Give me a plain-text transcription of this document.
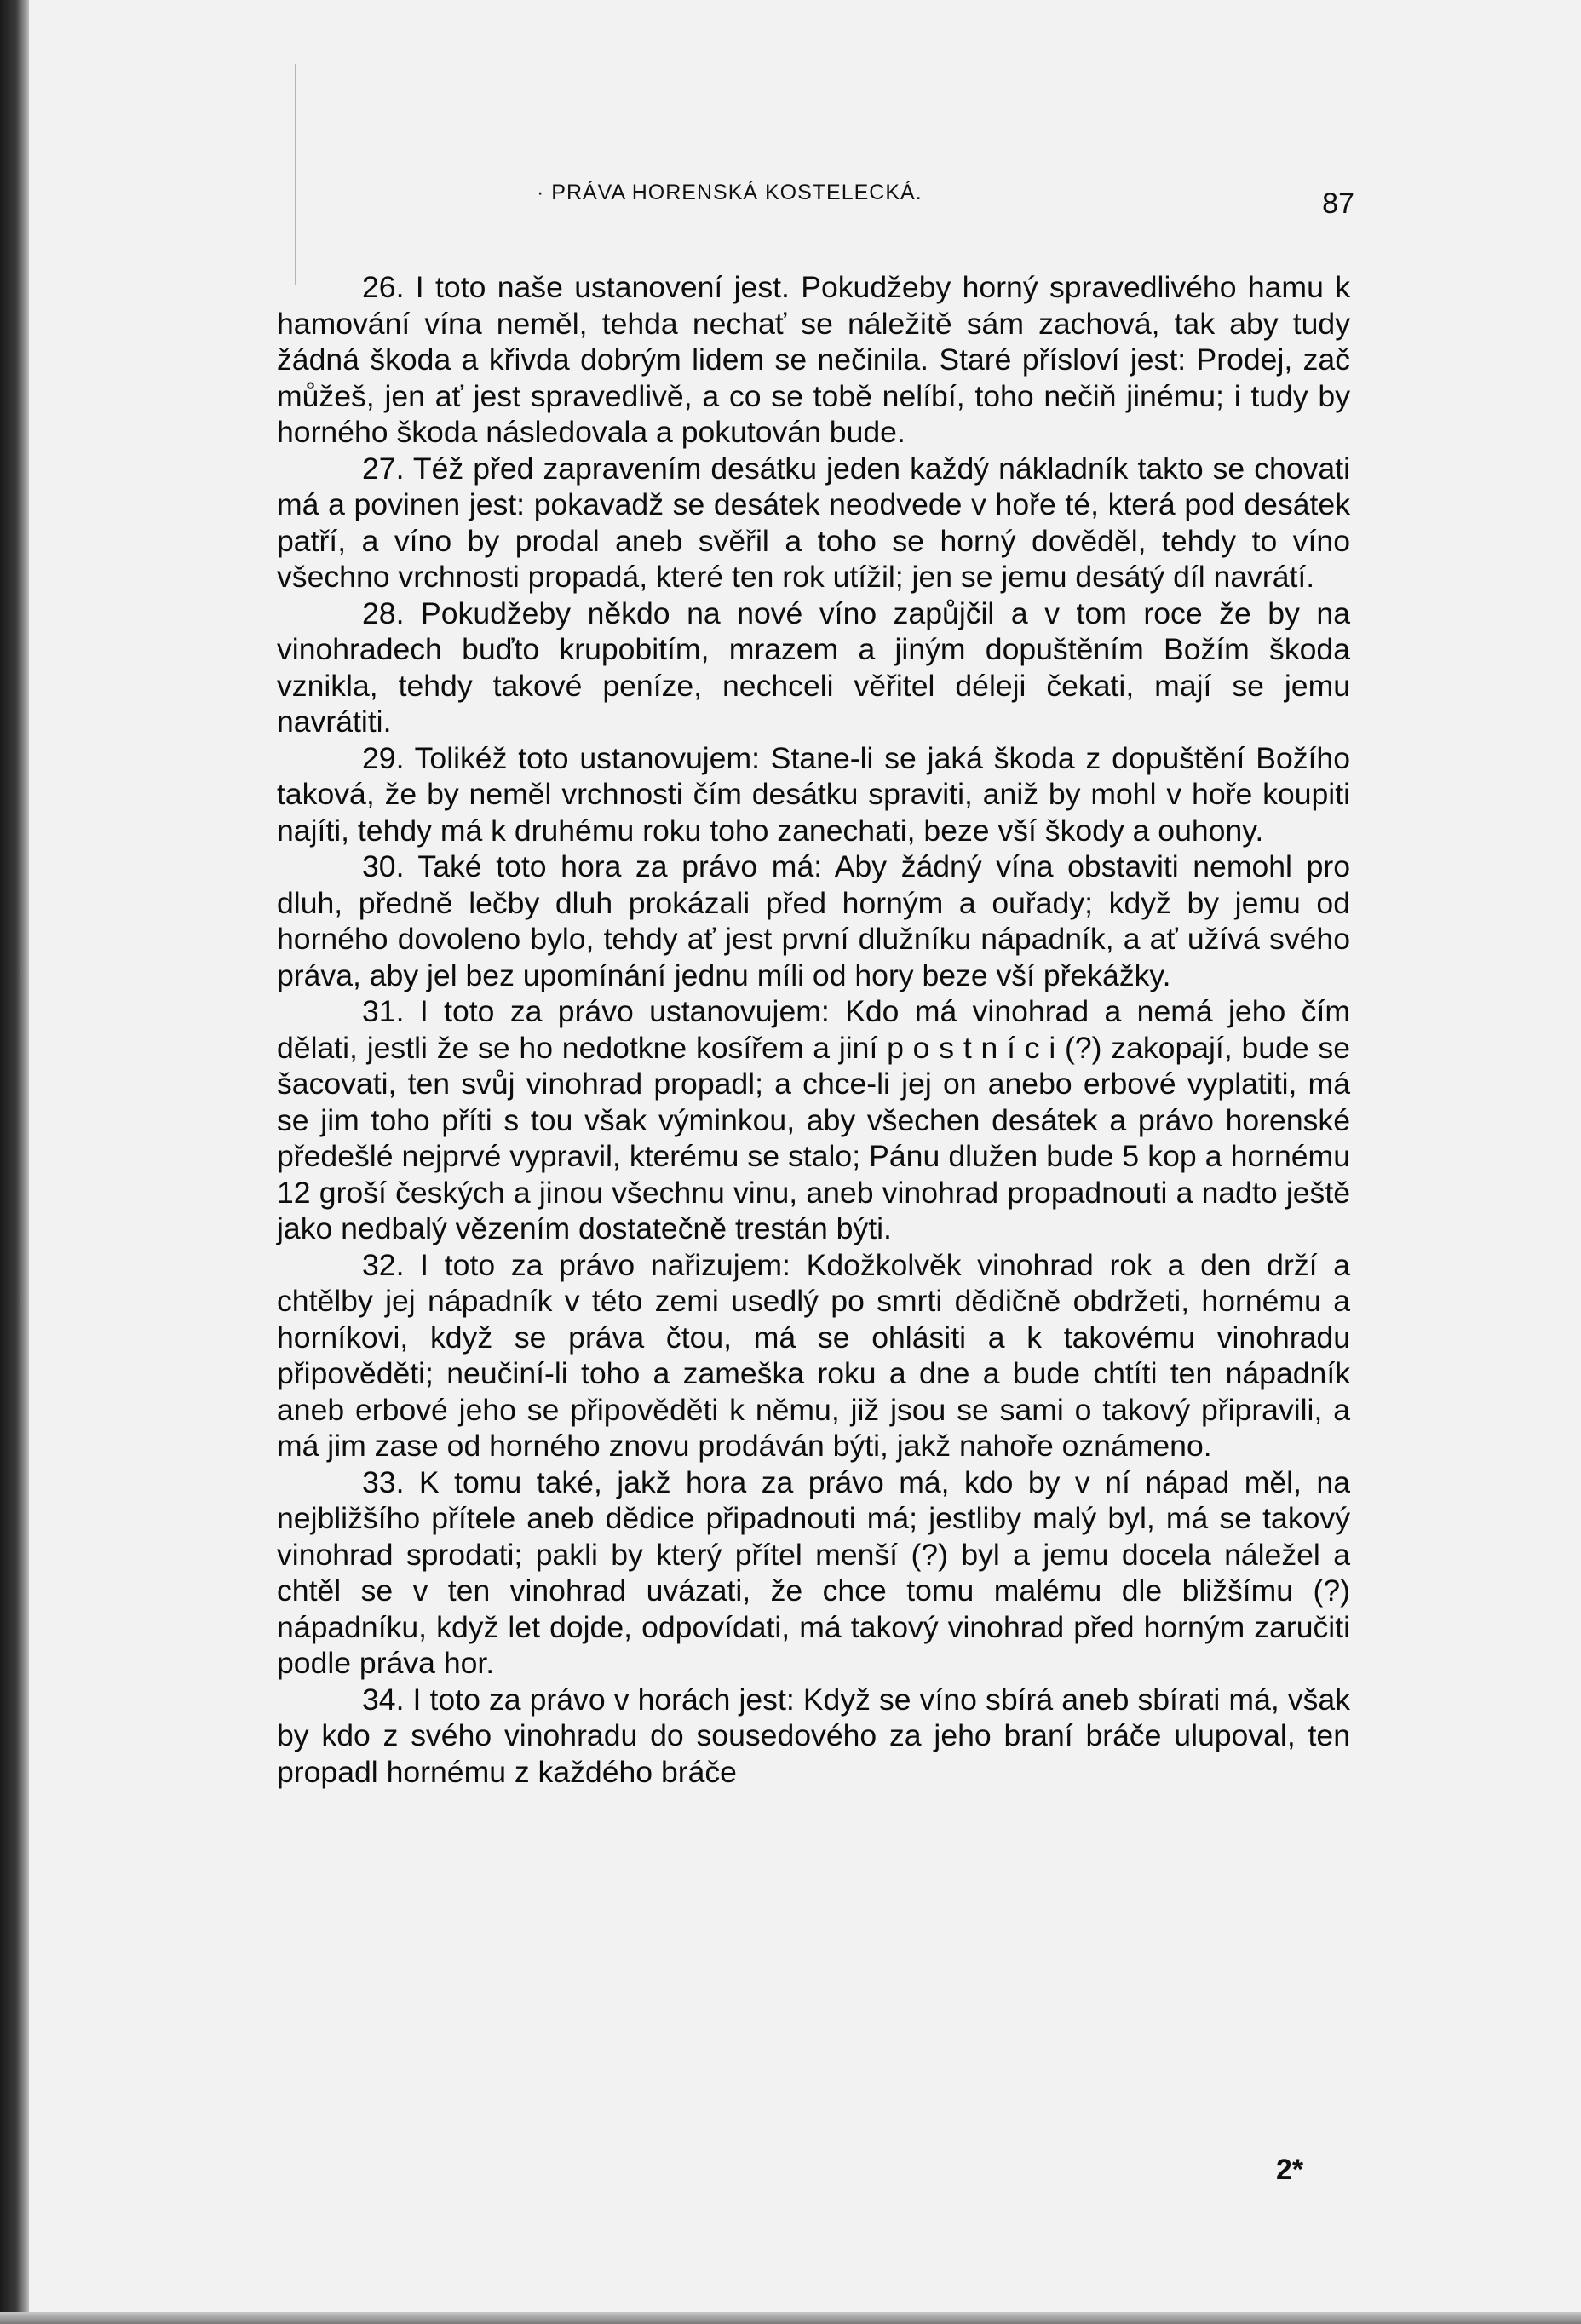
· PRÁVA HORENSKÁ KOSTELECKÁ.	87

26. I toto naše ustanovení jest. Pokudžeby horný spravedlivého hamu k hamování vína neměl, tehda nechať se náležitě sám zachová, tak aby tudy žádná škoda a křivda dobrým lidem se nečinila. Staré přísloví jest: Prodej, zač můžeš, jen ať jest spravedlivě, a co se tobě nelíbí, toho nečiň jinému; i tudy by horného škoda následovala a pokutován bude.

27. Též před zapravením desátku jeden každý nákladník takto se chovati má a povinen jest: pokavadž se desátek neodvede v hoře té, která pod desátek patří, a víno by prodal aneb svěřil a toho se horný dověděl, tehdy to víno všechno vrchnosti propadá, které ten rok utížil; jen se jemu desátý díl navrátí.

28. Pokudžeby někdo na nové víno zapůjčil a v tom roce že by na vinohradech buďto krupobitím, mrazem a jiným dopuštěním Božím škoda vznikla, tehdy takové peníze, nechceli věřitel déleji čekati, mají se jemu navrátiti.

29. Tolikéž toto ustanovujem: Stane-li se jaká škoda z dopuštění Božího taková, že by neměl vrchnosti čím desátku spraviti, aniž by mohl v hoře koupiti najíti, tehdy má k druhému roku toho zanechati, beze vší škody a ouhony.

30. Také toto hora za právo má: Aby žádný vína obstaviti nemohl pro dluh, předně lečby dluh prokázali před horným a ouřady; když by jemu od horného dovoleno bylo, tehdy ať jest první dlužníku nápadník, a ať užívá svého práva, aby jel bez upomínání jednu míli od hory beze vší překážky.

31. I toto za právo ustanovujem: Kdo má vinohrad a nemá jeho čím dělati, jestli že se ho nedotkne kosířem a jiní p o s t n í c i (?) zakopají, bude se šacovati, ten svůj vinohrad propadl; a chce-li jej on anebo erbové vyplatiti, má se jim toho příti s tou však výminkou, aby všechen desátek a právo horenské předešlé nejprvé vypravil, kterému se stalo; Pánu dlužen bude 5 kop a hornému 12 groší českých a jinou všechnu vinu, aneb vinohrad propadnouti a nadto ještě jako nedbalý vězením dostatečně trestán býti.

32. I toto za právo nařizujem: Kdožkolvěk vinohrad rok a den drží a chtělby jej nápadník v této zemi usedlý po smrti dědičně obdržeti, hornému a horníkovi, když se práva čtou, má se ohlásiti a k takovému vinohradu připověděti; neučiní-li toho a zameška roku a dne a bude chtíti ten nápadník aneb erbové jeho se připověděti k němu, již jsou se sami o takový připravili, a má jim zase od horného znovu prodáván býti, jakž nahoře oznámeno.

33. K tomu také, jakž hora za právo má, kdo by v ní nápad měl, na nejbližšího přítele aneb dědice připadnouti má; jestliby malý byl, má se takový vinohrad sprodati; pakli by který přítel menší (?) byl a jemu docela náležel a chtěl se v ten vinohrad uvázati, že chce tomu malému dle bližšímu (?) nápadníku, když let dojde, odpovídati, má takový vinohrad před horným zaručiti podle práva hor.

34. I toto za právo v horách jest: Když se víno sbírá aneb sbírati má, však by kdo z svého vinohradu do sousedového za jeho braní bráče ulupoval, ten propadl hornému z každého bráče

2*
